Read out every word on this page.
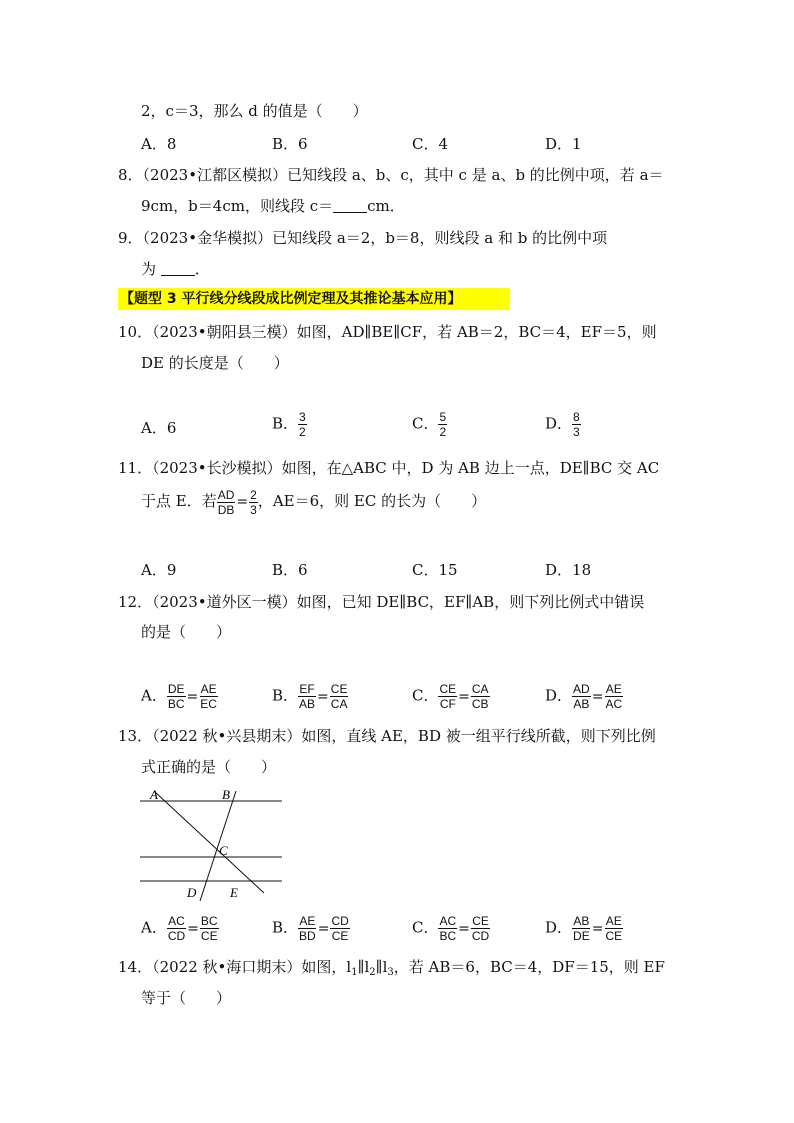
2，c＝3，那么 d 的值是（　　）
A．8	B．6	C．4	D．1
8．（2023•江都区模拟）已知线段 a、b、c，其中 c 是 a、b 的比例中项，若 a＝
9cm，b＝4cm，则线段 c＝ cm．
9．（2023•金华模拟）已知线段 a＝2，b＝8，则线段 a 和 b 的比例中项
为 ．
【题型 3 平行线分线段成比例定理及其推论基本应用】
10．（2023•朝阳县三模）如图，AD∥BE∥CF，若 AB＝2，BC＝4，EF＝5，则
DE 的长度是（　　）
A．6	B． $\frac{3}{2}$	C． $\frac{5}{2}$	D． $\frac{8}{3}$
11．（2023•长沙模拟）如图，在△ABC 中，D 为 AB 边上一点，DE∥BC 交 AC
于点 E．若 $\frac{AD}{DB} = \frac{2}{3}$ ，AE＝6，则 EC 的长为（　　）
A．9	B．6	C．15	D．18
12．（2023•道外区一模）如图，已知 DE∥BC，EF∥AB，则下列比例式中错误
的是（　　）
A． $\frac{DE}{BC} = \frac{AE}{EC}$	B． $\frac{EF}{AB} = \frac{CE}{CA}$	C． $\frac{CE}{CF} = \frac{CA}{CB}$	D． $\frac{AD}{AB} = \frac{AE}{AC}$
13．（2022 秋•兴县期末）如图，直线 AE，BD 被一组平行线所截，则下列比例
式正确的是（　　）
A	B
C
D	E
A． $\frac{AC}{CD} = \frac{BC}{CE}$	B． $\frac{AE}{BD} = \frac{CD}{CE}$	C． $\frac{AC}{BC} = \frac{CE}{CD}$	D． $\frac{AB}{DE} = \frac{AE}{CE}$
14．（2022 秋•海口期末）如图，$l_1\parallel l_2\parallel l_3$，若 AB＝6，BC＝4，DF＝15，则 EF
等于（　　）
